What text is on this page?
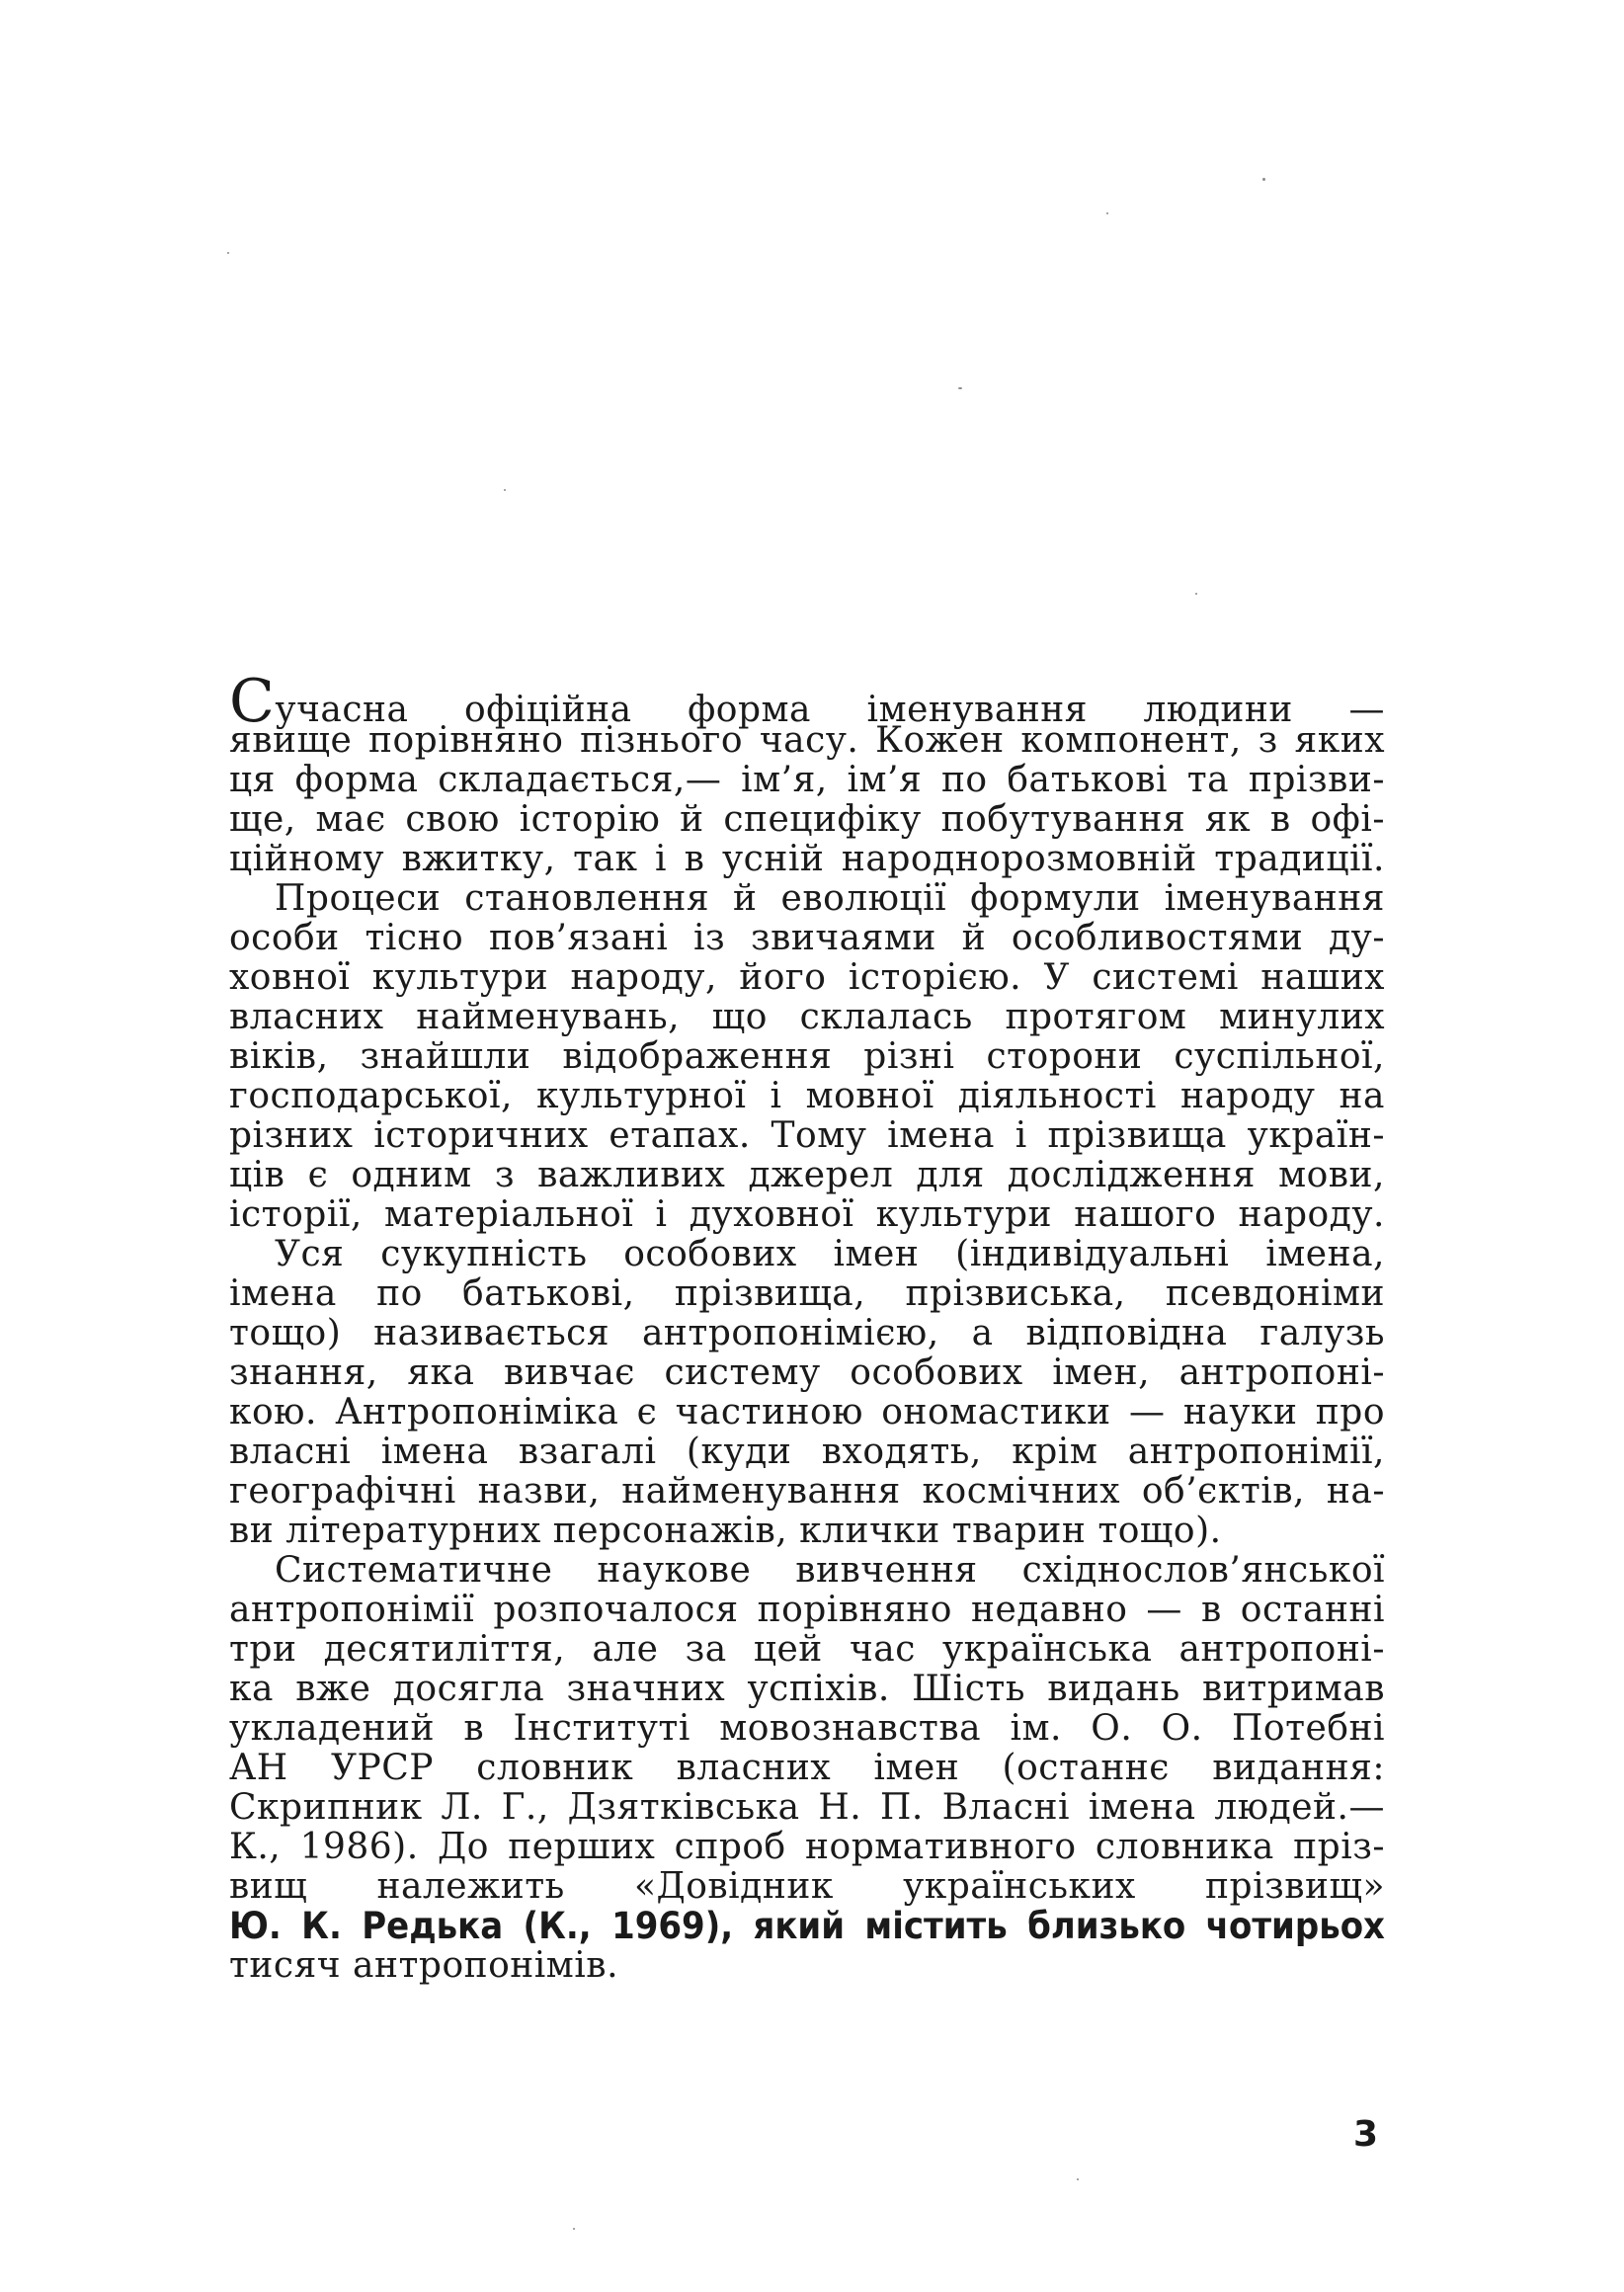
Сучасна офіційна форма іменування людини —
явище порівняно пізнього часу. Кожен компонент, з яких
ця форма складається,— ім’я, ім’я по батькові та прізви-
ще, має свою історію й специфіку побутування як в офі-
ційному вжитку, так і в усній народнорозмовній традиції.
Процеси становлення й еволюції формули іменування
особи тісно пов’язані із звичаями й особливостями ду-
ховної культури народу, його історією. У системі наших
власних найменувань, що склалась протягом минулих
віків, знайшли відображення різні сторони суспільної,
господарської, культурної і мовної діяльності народу на
різних історичних етапах. Тому імена і прізвища україн-
ців є одним з важливих джерел для дослідження мови,
історії, матеріальної і духовної культури нашого народу.
Уся сукупність особових імен (індивідуальні імена,
імена по батькові, прізвища, прізвиська, псевдоніми
тощо) називається антропонімією, а відповідна галузь
знання, яка вивчає систему особових імен, антропоні-
кою. Антропоніміка є частиною ономастики — науки про
власні імена взагалі (куди входять, крім антропонімії,
географічні назви, найменування космічних об’єктів, на-
ви літературних персонажів, клички тварин тощо).
Систематичне наукове вивчення східнослов’янської
антропонімії розпочалося порівняно недавно — в останні
три десятиліття, але за цей час українська антропоні-
ка вже досягла значних успіхів. Шість видань витримав
укладений в Інституті мовознавства ім. О. О. Потебні
АН УРСР словник власних імен (останнє видання:
Скрипник Л. Г., Дзятківська Н. П. Власні імена людей.—
К., 1986). До перших спроб нормативного словника пріз-
вищ належить «Довідник українських прізвищ»
Ю. К. Редька (К., 1969), який містить близько чотирьох
тисяч антропонімів.
3
